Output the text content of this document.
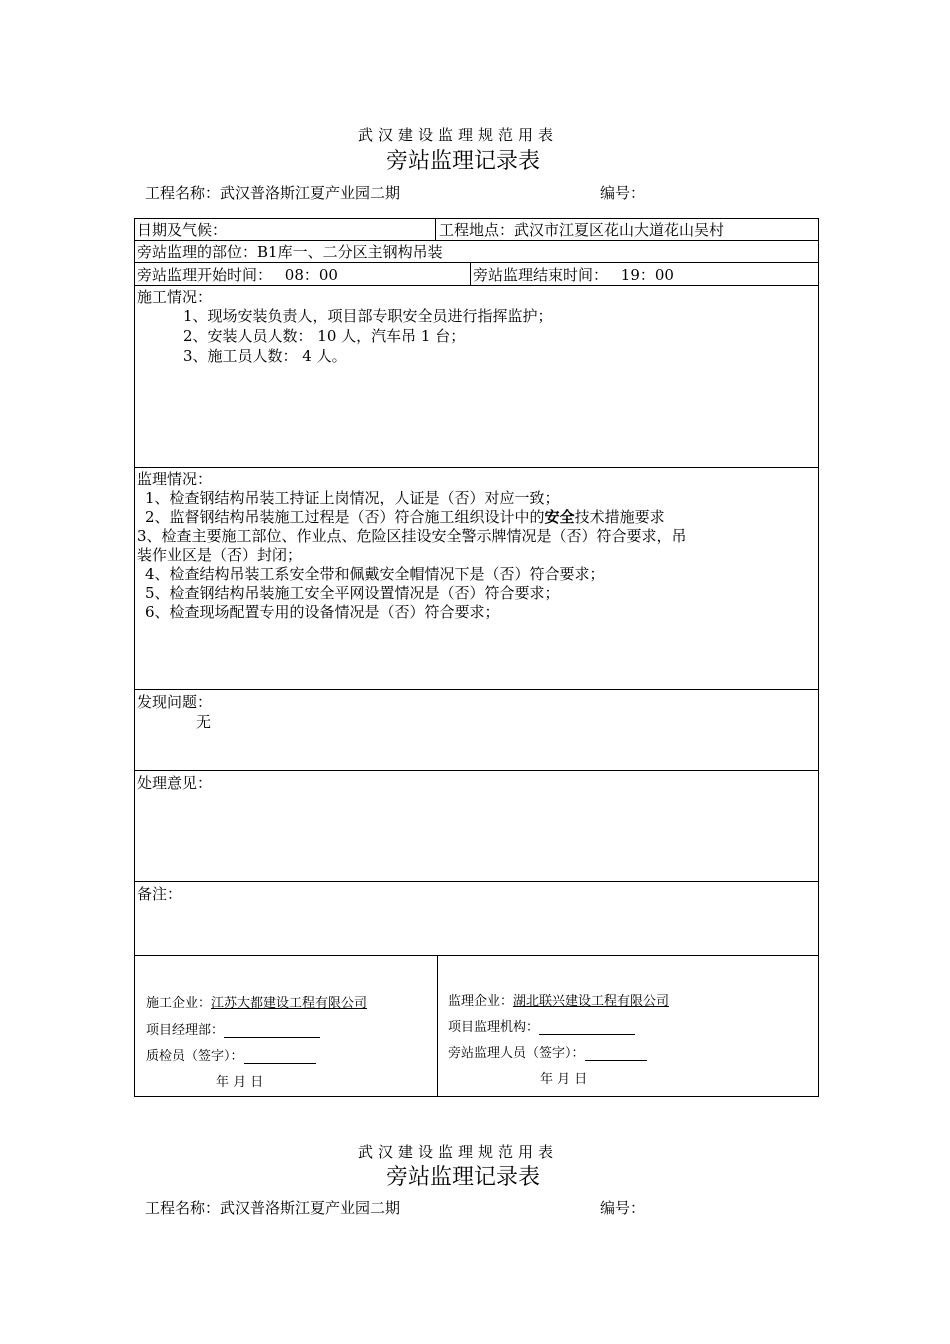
武汉建设监理规范用表
旁站监理记录表
工程名称：武汉普洛斯江夏产业园二期	编号：
日期及气候：	工程地点：武汉市江夏区花山大道花山吴村
旁站监理的部位：B1库一、二分区主钢构吊装
旁站监理开始时间： 08：00	旁站监理结束时间： 19：00
施工情况：
1、现场安装负责人，项目部专职安全员进行指挥监护；
2、安装人员人数： 10 人，汽车吊 1 台；
3、施工员人数： 4 人。
监理情况：
1、检查钢结构吊装工持证上岗情况，人证是（否）对应一致；
2、监督钢结构吊装施工过程是（否）符合施工组织设计中的安全技术措施要求
3、检查主要施工部位、作业点、危险区挂设安全警示牌情况是（否）符合要求，吊
装作业区是（否）封闭；
4、检查结构吊装工系安全带和佩戴安全帽情况下是（否）符合要求；
5、检查钢结构吊装施工安全平网设置情况是（否）符合要求；
6、检查现场配置专用的设备情况是（否）符合要求；
发现问题：
无
处理意见：
备注：
施工企业：江苏大都建设工程有限公司
项目经理部：
质检员（签字）：
年 月 日
监理企业：湖北联兴建设工程有限公司
项目监理机构：
旁站监理人员（签字）：
年 月 日
武汉建设监理规范用表
旁站监理记录表
工程名称：武汉普洛斯江夏产业园二期	编号：
